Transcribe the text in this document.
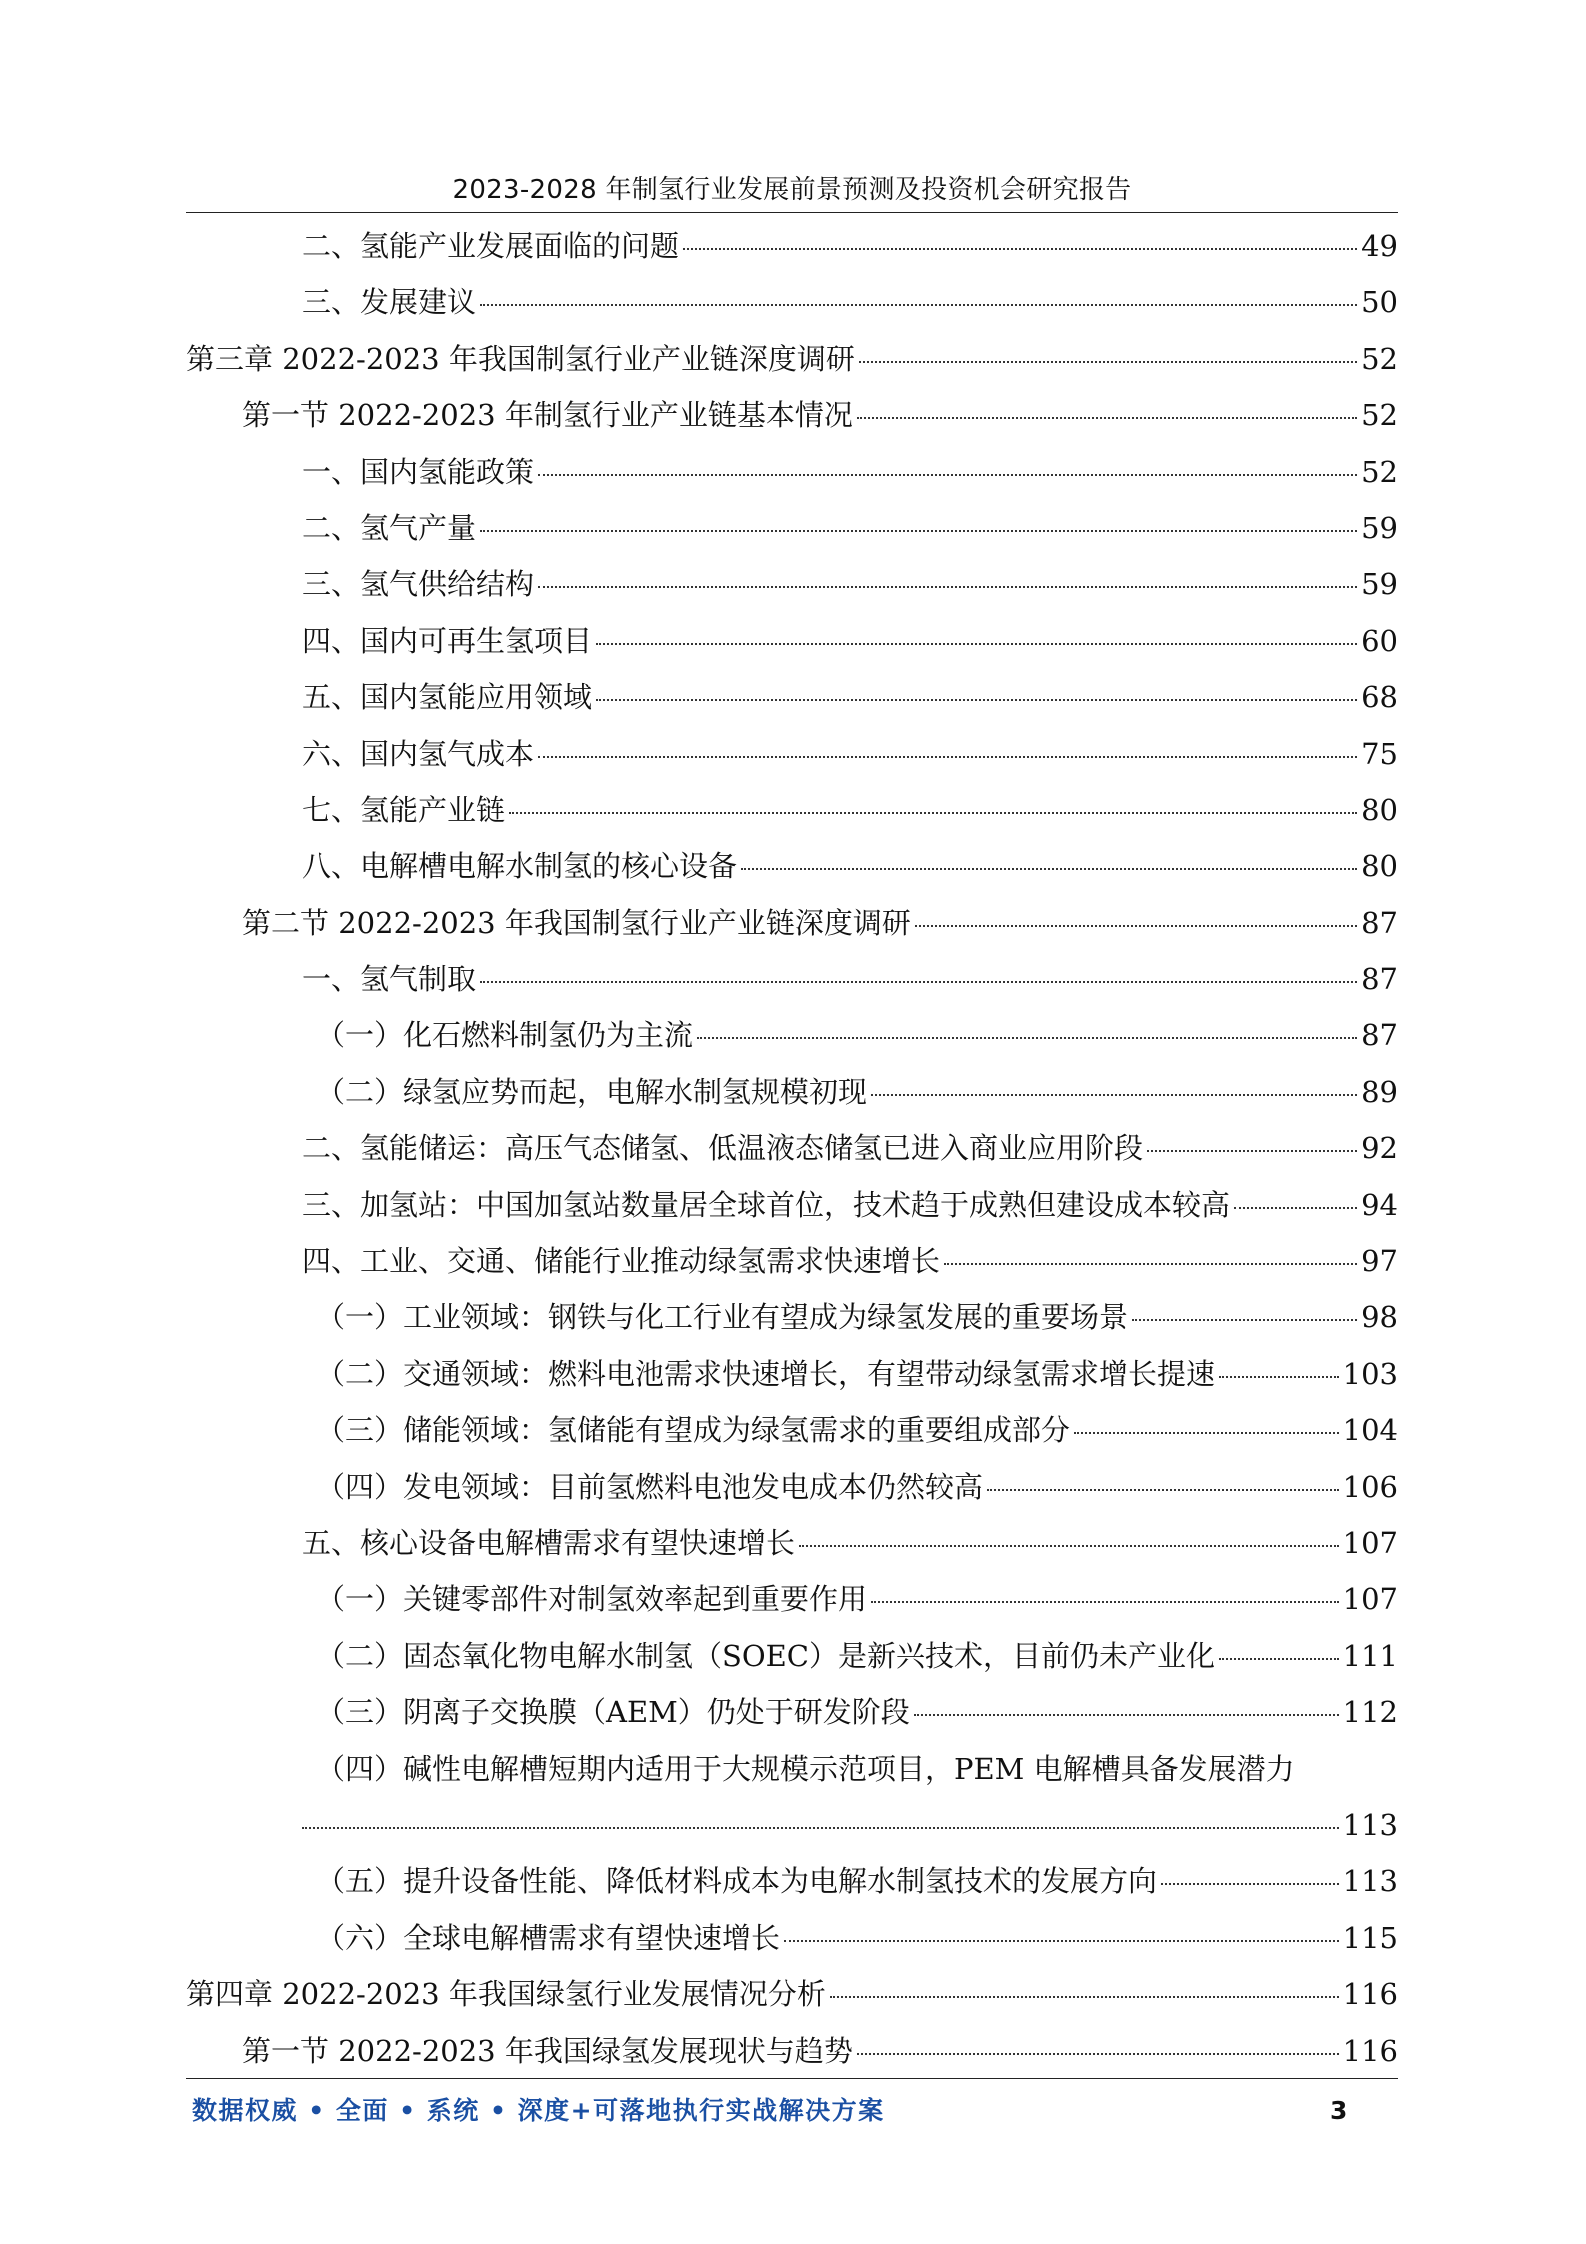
2023-2028 年制氢行业发展前景预测及投资机会研究报告
二、氢能产业发展面临的问题	49
三、发展建议	50
第三章 2022-2023 年我国制氢行业产业链深度调研	52
第一节 2022-2023 年制氢行业产业链基本情况	52
一、国内氢能政策	52
二、氢气产量	59
三、氢气供给结构	59
四、国内可再生氢项目	60
五、国内氢能应用领域	68
六、国内氢气成本	75
七、氢能产业链	80
八、电解槽电解水制氢的核心设备	80
第二节 2022-2023 年我国制氢行业产业链深度调研	87
一、氢气制取	87
（一）化石燃料制氢仍为主流	87
（二）绿氢应势而起，电解水制氢规模初现	89
二、氢能储运：高压气态储氢、低温液态储氢已进入商业应用阶段	92
三、加氢站：中国加氢站数量居全球首位，技术趋于成熟但建设成本较高	94
四、工业、交通、储能行业推动绿氢需求快速增长	97
（一）工业领域：钢铁与化工行业有望成为绿氢发展的重要场景	98
（二）交通领域：燃料电池需求快速增长，有望带动绿氢需求增长提速	103
（三）储能领域：氢储能有望成为绿氢需求的重要组成部分	104
（四）发电领域：目前氢燃料电池发电成本仍然较高	106
五、核心设备电解槽需求有望快速增长	107
（一）关键零部件对制氢效率起到重要作用	107
（二）固态氧化物电解水制氢（SOEC）是新兴技术，目前仍未产业化	111
（三）阴离子交换膜（AEM）仍处于研发阶段	112
（四）碱性电解槽短期内适用于大规模示范项目，PEM 电解槽具备发展潜力
113
（五）提升设备性能、降低材料成本为电解水制氢技术的发展方向	113
（六）全球电解槽需求有望快速增长	115
第四章 2022-2023 年我国绿氢行业发展情况分析	116
第一节 2022-2023 年我国绿氢发展现状与趋势	116
数据权威 • 全面 • 系统 • 深度+可落地执行实战解决方案	3
